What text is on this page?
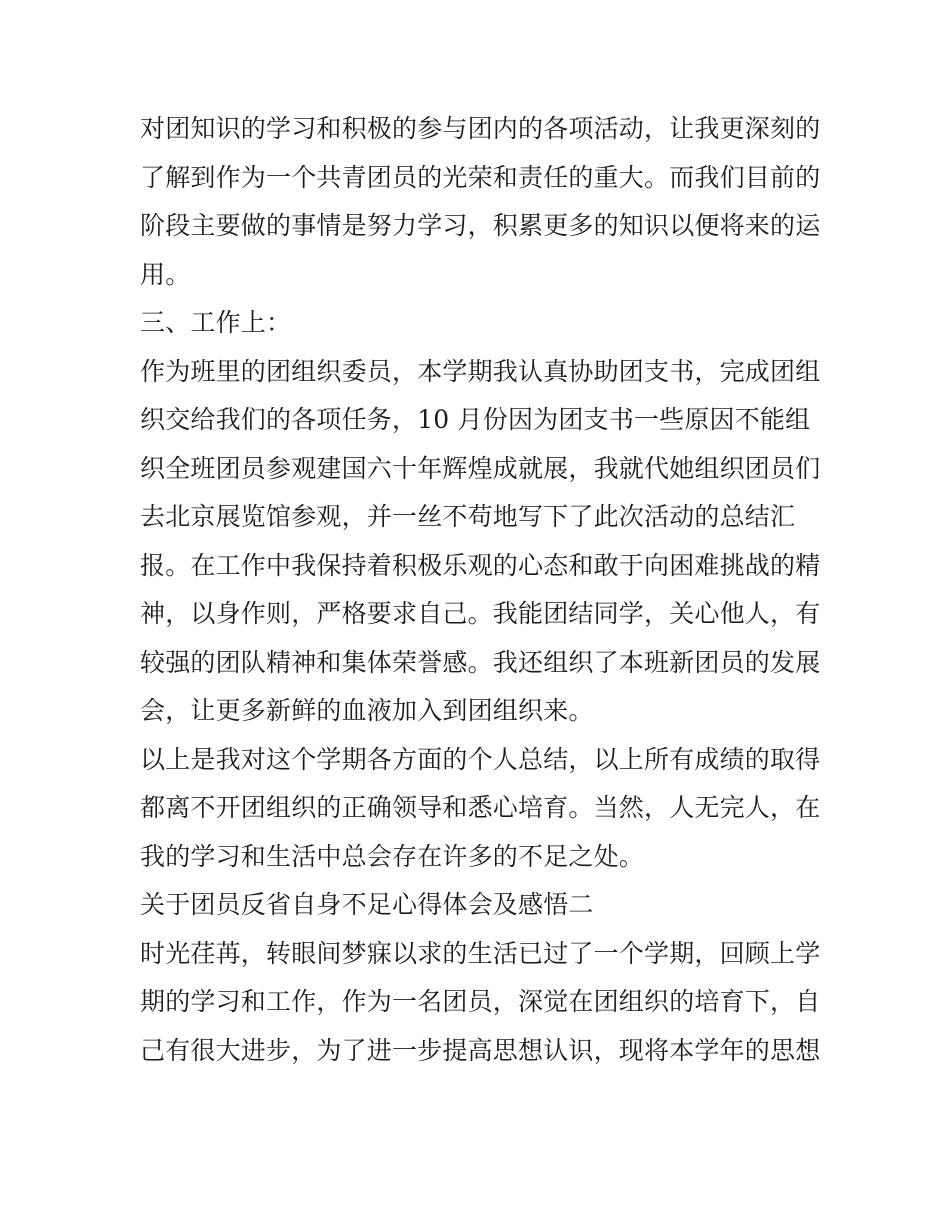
对团知识的学习和积极的参与团内的各项活动，让我更深刻的
了解到作为一个共青团员的光荣和责任的重大。而我们目前的
阶段主要做的事情是努力学习，积累更多的知识以便将来的运
用。
三、工作上：
作为班里的团组织委员，本学期我认真协助团支书，完成团组
织交给我们的各项任务，10 月份因为团支书一些原因不能组
织全班团员参观建国六十年辉煌成就展，我就代她组织团员们
去北京展览馆参观，并一丝不苟地写下了此次活动的总结汇
报。在工作中我保持着积极乐观的心态和敢于向困难挑战的精
神，以身作则，严格要求自己。我能团结同学，关心他人，有
较强的团队精神和集体荣誉感。我还组织了本班新团员的发展
会，让更多新鲜的血液加入到团组织来。
以上是我对这个学期各方面的个人总结，以上所有成绩的取得
都离不开团组织的正确领导和悉心培育。当然，人无完人，在
我的学习和生活中总会存在许多的不足之处。
关于团员反省自身不足心得体会及感悟二
时光荏苒，转眼间梦寐以求的生活已过了一个学期，回顾上学
期的学习和工作，作为一名团员，深觉在团组织的培育下，自
己有很大进步，为了进一步提高思想认识，现将本学年的思想
